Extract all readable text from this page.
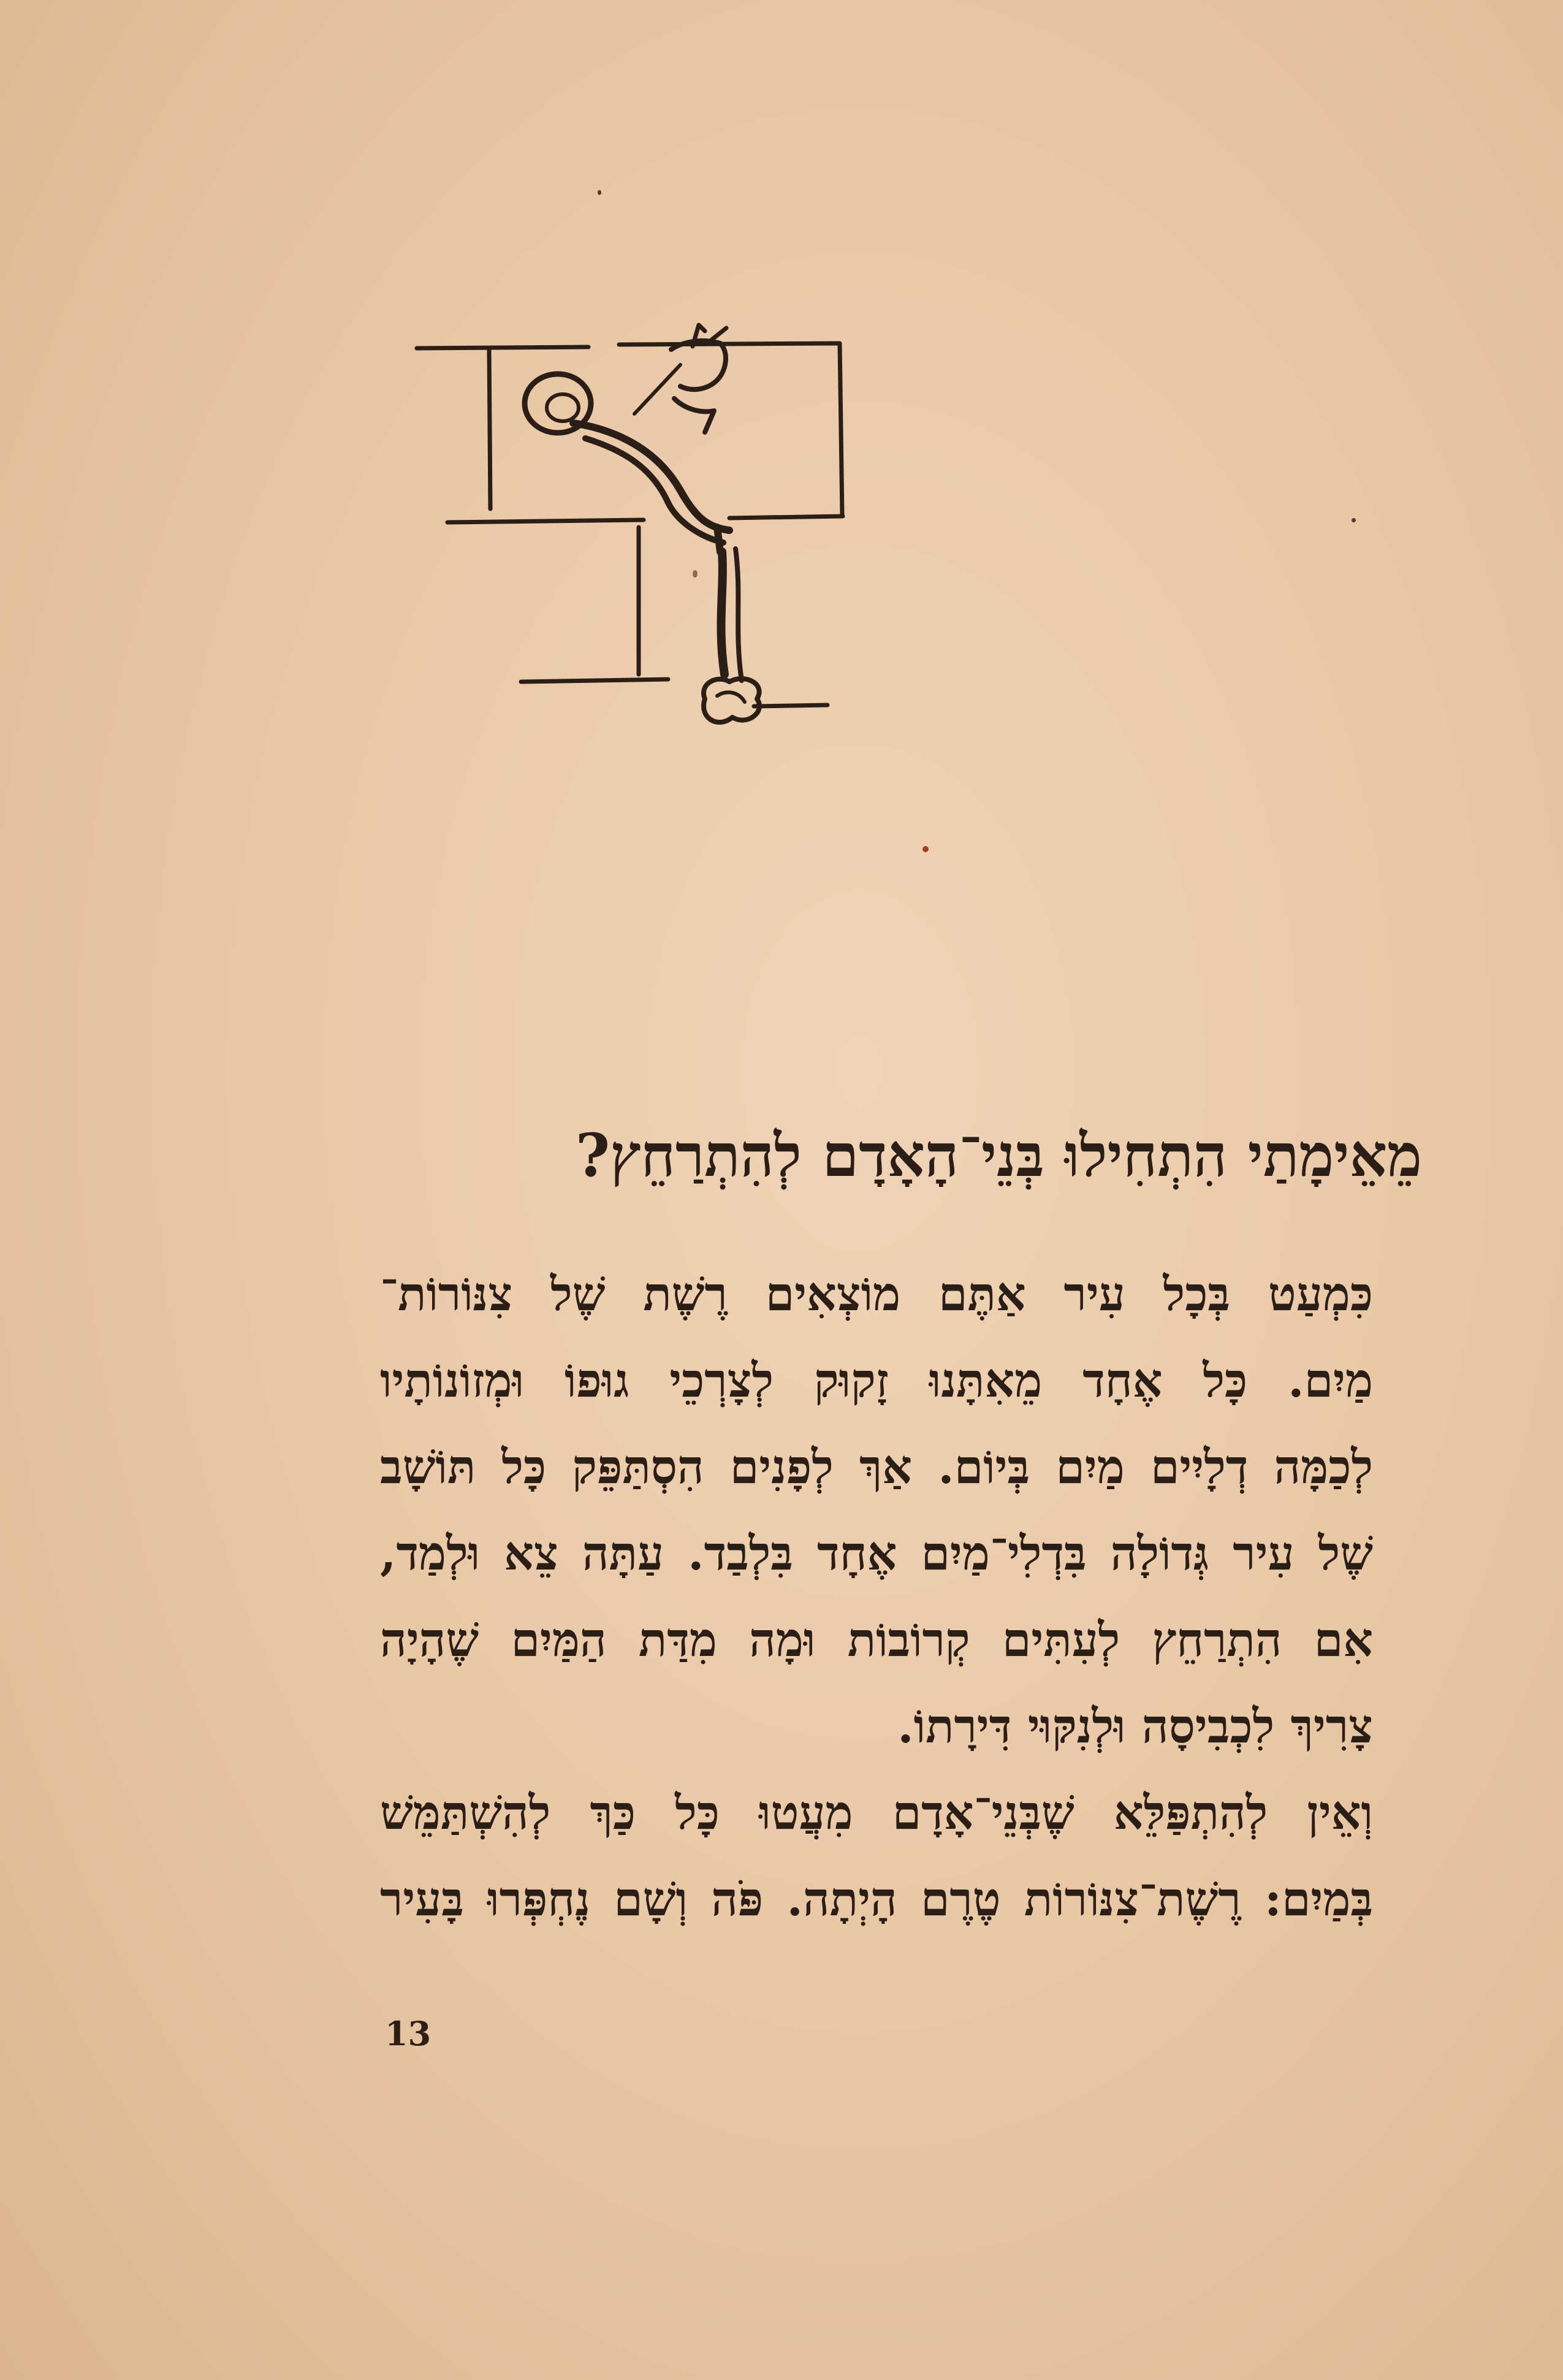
מֵאֵימָתַי הִתְחִילוּ בְּנֵי־הָאָדָם לְהִתְרַחֵץ?

כִּמְעַט בְּכָל עִיר אַתֶּם מוֹצְאִים רֶשֶׁת שֶׁל צִנּוֹרוֹת־
מַיִם. כָּל אֶחָד מֵאִתָּנוּ זָקוּק לְצָרְכֵי גוּפוֹ וּמְזוֹנוֹתָיו
לְכַמָּה דְלָיִים מַיִם בְּיוֹם. אַךְ לְפָנִים הִסְתַּפֵּק כָּל תּוֹשָׁב
שֶׁל עִיר גְּדוֹלָה בִּדְלִי־מַיִם אֶחָד בִּלְבַד. עַתָּה צֵא וּלְמַד,
אִם הִתְרַחֵץ לְעִתִּים קְרוֹבוֹת וּמָה מִדַּת הַמַּיִם שֶׁהָיָה
צָרִיךְ לִכְבִיסָה וּלְנִקּוּי דִּירָתוֹ.

וְאֵין לְהִתְפַּלֵּא שֶׁבְּנֵי־אָדָם מִעֲטוּ כָּל כַּךְ לְהִשְׁתַּמֵּשׁ
בְּמַיִם: רֶשֶׁת־צִנּוֹרוֹת טֶרֶם הָיְתָה. פֹּה וְשָׁם נֶחְפְּרוּ בָּעִיר

13
